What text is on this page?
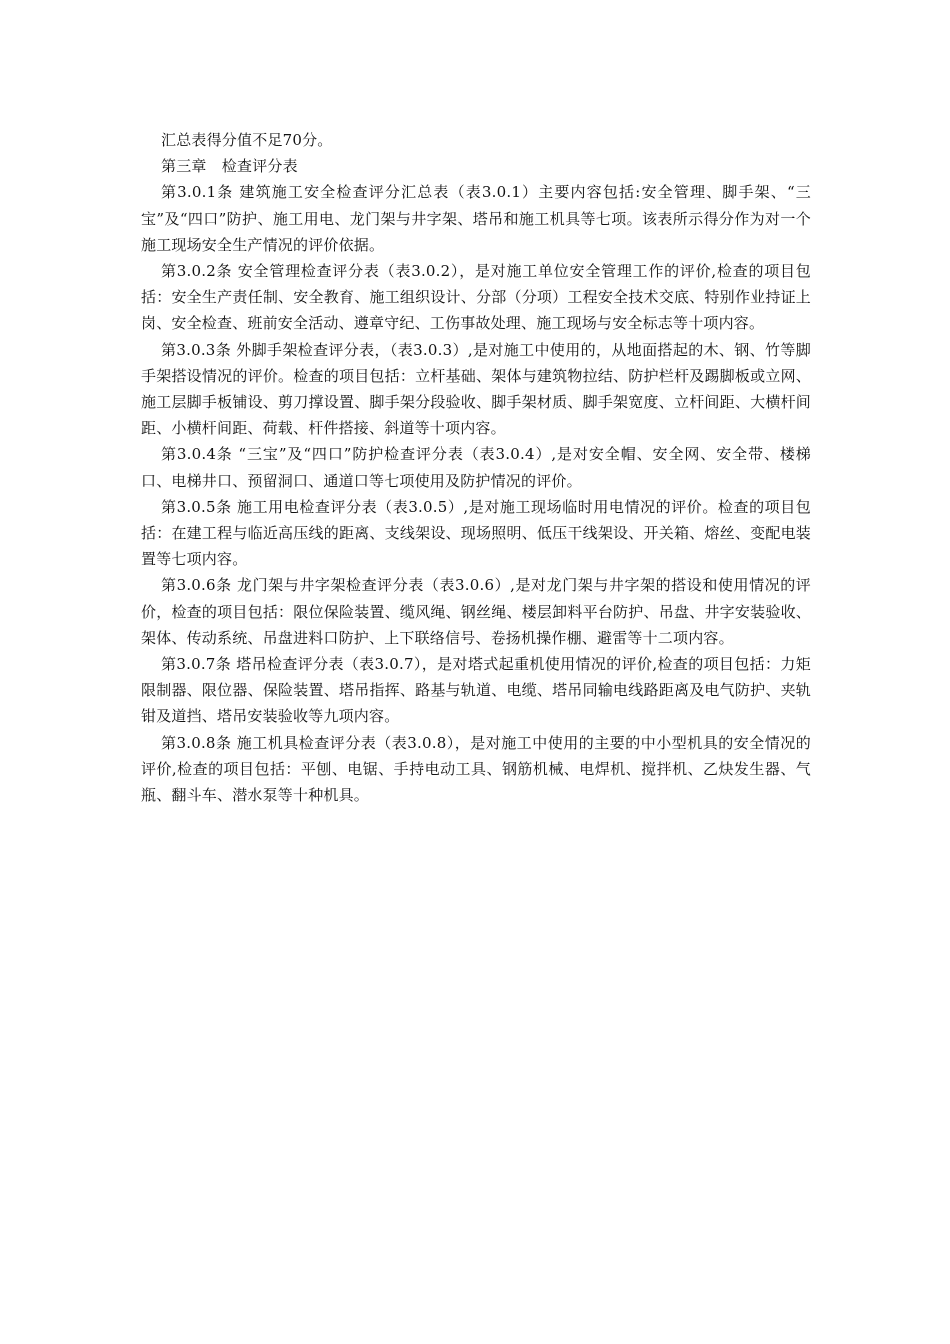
汇总表得分值不足70分。

第三章　检查评分表

第3.0.1条 建筑施工安全检查评分汇总表（表3.0.1）主要内容包括:安全管理、脚手架、“三宝”及“四口”防护、施工用电、龙门架与井字架、塔吊和施工机具等七项。该表所示得分作为对一个施工现场安全生产情况的评价依据。

第3.0.2条 安全管理检查评分表（表3.0.2），是对施工单位安全管理工作的评价,检查的项目包括：安全生产责任制、安全教育、施工组织设计、分部（分项）工程安全技术交底、特别作业持证上岗、安全检查、班前安全活动、遵章守纪、工伤事故处理、施工现场与安全标志等十项内容。

第3.0.3条 外脚手架检查评分表，（表3.0.3）,是对施工中使用的，从地面搭起的木、钢、竹等脚手架搭设情况的评价。检查的项目包括：立杆基础、架体与建筑物拉结、防护栏杆及踢脚板或立网、施工层脚手板铺设、剪刀撑设置、脚手架分段验收、脚手架材质、脚手架宽度、立杆间距、大横杆间距、小横杆间距、荷载、杆件搭接、斜道等十项内容。

第3.0.4条 “三宝”及“四口”防护检查评分表（表3.0.4）,是对安全帽、安全网、安全带、楼梯口、电梯井口、预留洞口、通道口等七项使用及防护情况的评价。

第3.0.5条 施工用电检查评分表（表3.0.5）,是对施工现场临时用电情况的评价。检查的项目包括：在建工程与临近高压线的距离、支线架设、现场照明、低压干线架设、开关箱、熔丝、变配电装置等七项内容。

第3.0.6条 龙门架与井字架检查评分表（表3.0.6）,是对龙门架与井字架的搭设和使用情况的评价，检查的项目包括：限位保险装置、缆风绳、钢丝绳、楼层卸料平台防护、吊盘、井字安装验收、架体、传动系统、吊盘进料口防护、上下联络信号、卷扬机操作棚、避雷等十二项内容。

第3.0.7条 塔吊检查评分表（表3.0.7），是对塔式起重机使用情况的评价,检查的项目包括：力矩限制器、限位器、保险装置、塔吊指挥、路基与轨道、电缆、塔吊同输电线路距离及电气防护、夹轨钳及道挡、塔吊安装验收等九项内容。

第3.0.8条 施工机具检查评分表（表3.0.8），是对施工中使用的主要的中小型机具的安全情况的评价,检查的项目包括：平刨、电锯、手持电动工具、钢筋机械、电焊机、搅拌机、乙炔发生器、气瓶、翻斗车、潜水泵等十种机具。
